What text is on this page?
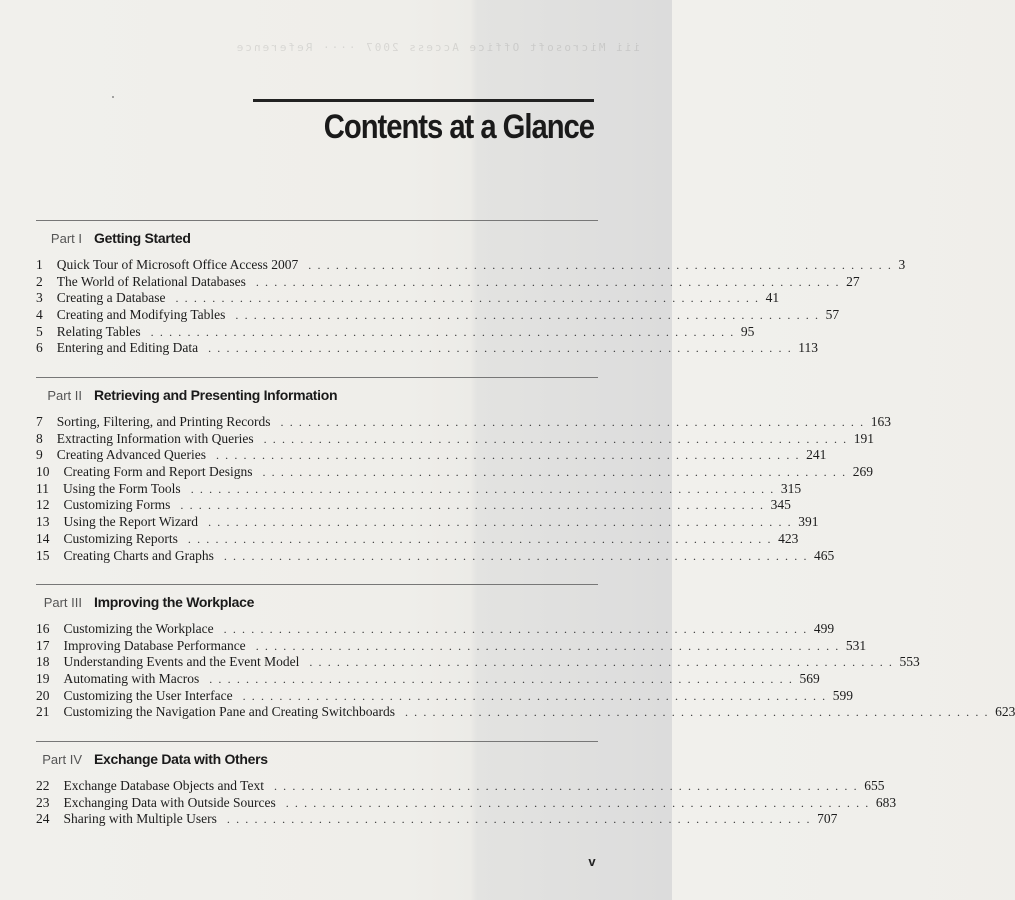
iii Microsoft Office Access 2007 ···· Reference
Contents at a Glance
Part I Getting Started
1 Quick Tour of Microsoft Office Access 2007 . . . . . . . . . . . . . . . . . . . . . . . . . . . . . . . . . . . . . . . . . . . . . . . . . . . . . . . . . . . . . . . . 3
2 The World of Relational Databases . . . . . . . . . . . . . . . . . . . . . . . . . . . . . . . . . . . . . . . . . . . . . . . . . . . . . . . . . . . . . . . . 27
3 Creating a Database . . . . . . . . . . . . . . . . . . . . . . . . . . . . . . . . . . . . . . . . . . . . . . . . . . . . . . . . . . . . . . . . 41
4 Creating and Modifying Tables . . . . . . . . . . . . . . . . . . . . . . . . . . . . . . . . . . . . . . . . . . . . . . . . . . . . . . . . . . . . . . . . 57
5 Relating Tables . . . . . . . . . . . . . . . . . . . . . . . . . . . . . . . . . . . . . . . . . . . . . . . . . . . . . . . . . . . . . . . . 95
6 Entering and Editing Data . . . . . . . . . . . . . . . . . . . . . . . . . . . . . . . . . . . . . . . . . . . . . . . . . . . . . . . . . . . . . . . . 113
Part II Retrieving and Presenting Information
7 Sorting, Filtering, and Printing Records . . . . . . . . . . . . . . . . . . . . . . . . . . . . . . . . . . . . . . . . . . . . . . . . . . . . . . . . . . . . . . . . 163
8 Extracting Information with Queries . . . . . . . . . . . . . . . . . . . . . . . . . . . . . . . . . . . . . . . . . . . . . . . . . . . . . . . . . . . . . . . . 191
9 Creating Advanced Queries . . . . . . . . . . . . . . . . . . . . . . . . . . . . . . . . . . . . . . . . . . . . . . . . . . . . . . . . . . . . . . . . 241
10 Creating Form and Report Designs . . . . . . . . . . . . . . . . . . . . . . . . . . . . . . . . . . . . . . . . . . . . . . . . . . . . . . . . . . . . . . . . 269
11 Using the Form Tools . . . . . . . . . . . . . . . . . . . . . . . . . . . . . . . . . . . . . . . . . . . . . . . . . . . . . . . . . . . . . . . . 315
12 Customizing Forms . . . . . . . . . . . . . . . . . . . . . . . . . . . . . . . . . . . . . . . . . . . . . . . . . . . . . . . . . . . . . . . . 345
13 Using the Report Wizard . . . . . . . . . . . . . . . . . . . . . . . . . . . . . . . . . . . . . . . . . . . . . . . . . . . . . . . . . . . . . . . . 391
14 Customizing Reports . . . . . . . . . . . . . . . . . . . . . . . . . . . . . . . . . . . . . . . . . . . . . . . . . . . . . . . . . . . . . . . . 423
15 Creating Charts and Graphs . . . . . . . . . . . . . . . . . . . . . . . . . . . . . . . . . . . . . . . . . . . . . . . . . . . . . . . . . . . . . . . . 465
Part III Improving the Workplace
16 Customizing the Workplace . . . . . . . . . . . . . . . . . . . . . . . . . . . . . . . . . . . . . . . . . . . . . . . . . . . . . . . . . . . . . . . . 499
17 Improving Database Performance . . . . . . . . . . . . . . . . . . . . . . . . . . . . . . . . . . . . . . . . . . . . . . . . . . . . . . . . . . . . . . . . 531
18 Understanding Events and the Event Model . . . . . . . . . . . . . . . . . . . . . . . . . . . . . . . . . . . . . . . . . . . . . . . . . . . . . . . . . . . . . . . . 553
19 Automating with Macros . . . . . . . . . . . . . . . . . . . . . . . . . . . . . . . . . . . . . . . . . . . . . . . . . . . . . . . . . . . . . . . . 569
20 Customizing the User Interface . . . . . . . . . . . . . . . . . . . . . . . . . . . . . . . . . . . . . . . . . . . . . . . . . . . . . . . . . . . . . . . . 599
21 Customizing the Navigation Pane and Creating Switchboards . . . . . . . . . . . . . . . . . . . . . . . . . . . . . . . . . . . . . . . . . . . . . . . . . . . . . . . . . . . . . . . . 623
Part IV Exchange Data with Others
22 Exchange Database Objects and Text . . . . . . . . . . . . . . . . . . . . . . . . . . . . . . . . . . . . . . . . . . . . . . . . . . . . . . . . . . . . . . . . 655
23 Exchanging Data with Outside Sources . . . . . . . . . . . . . . . . . . . . . . . . . . . . . . . . . . . . . . . . . . . . . . . . . . . . . . . . . . . . . . . . 683
24 Sharing with Multiple Users . . . . . . . . . . . . . . . . . . . . . . . . . . . . . . . . . . . . . . . . . . . . . . . . . . . . . . . . . . . . . . . . 707
v
